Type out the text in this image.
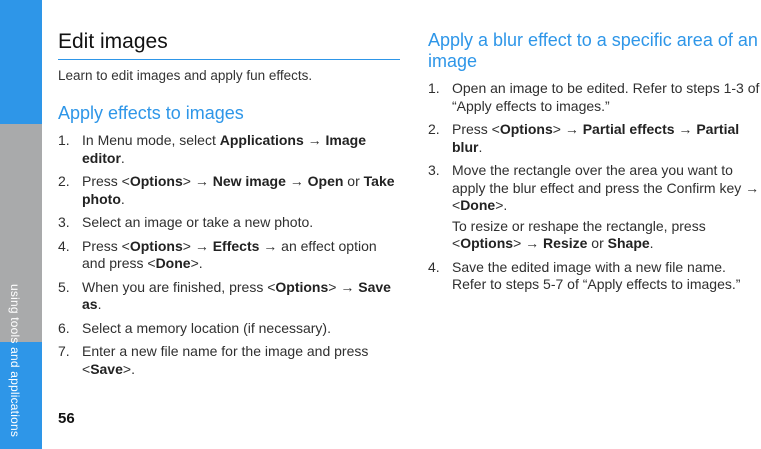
using tools and applications
Edit images

Learn to edit images and apply fun effects.

Apply effects to images
1. In Menu mode, select Applications → Image editor.
2. Press <Options> → New image → Open or Take photo.
3. Select an image or take a new photo.
4. Press <Options> → Effects → an effect option and press <Done>.
5. When you are finished, press <Options> → Save as.
6. Select a memory location (if necessary).
7. Enter a new file name for the image and press <Save>.
Apply a blur effect to a specific area of an image
1. Open an image to be edited. Refer to steps 1-3 of “Apply effects to images.”
2. Press <Options> → Partial effects → Partial blur.
3. Move the rectangle over the area you want to apply the blur effect and press the Confirm key → <Done>.
To resize or reshape the rectangle, press <Options> → Resize or Shape.
4. Save the edited image with a new file name. Refer to steps 5-7 of “Apply effects to images.”
56
